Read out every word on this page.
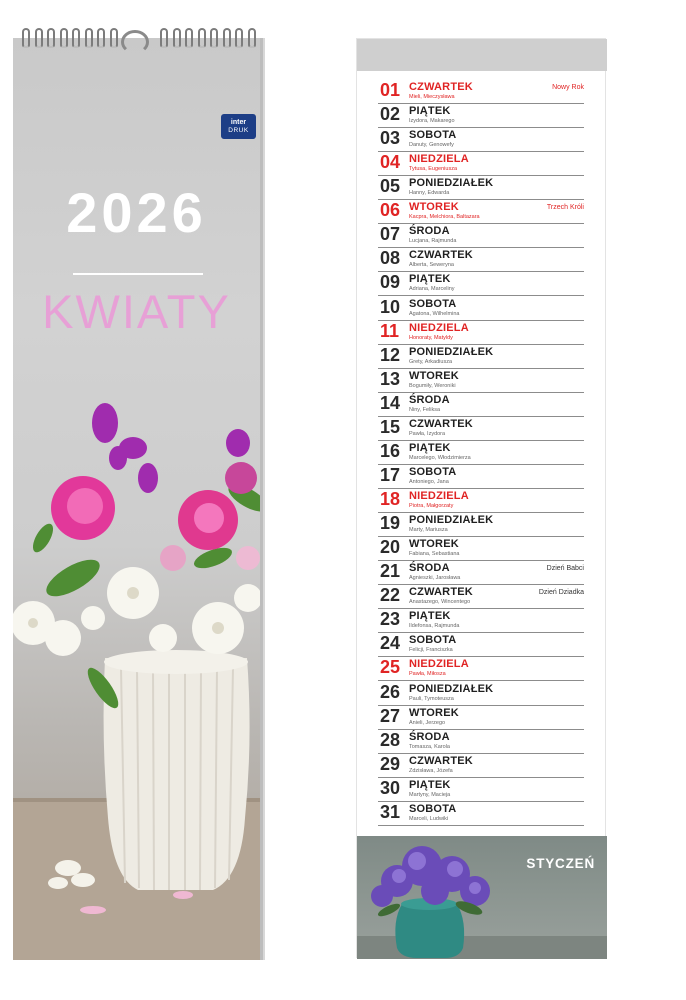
inter
DRUK
2026
KWIATY
01 CZWARTEK
Mieli, Mieczysława
Nowy Rok
02 PIĄTEK
Izydora, Makarego
03 SOBOTA
Danuty, Genowefy
04 NIEDZIELA
Tytusa, Eugeniusza
05 PONIEDZIAŁEK
Hanny, Edwarda
06 WTOREK
Kacpra, Melchiora, Baltazara
Trzech Króli
07 ŚRODA
Lucjana, Rajmunda
08 CZWARTEK
Alberta, Seweryna
09 PIĄTEK
Adriana, Marceliny
10 SOBOTA
Agatona, Wilhelmina
11 NIEDZIELA
Honoraty, Matyldy
12 PONIEDZIAŁEK
Grety, Arkadiusza
13 WTOREK
Bogumiły, Weroniki
14 ŚRODA
Niny, Feliksa
15 CZWARTEK
Pawła, Izydora
16 PIĄTEK
Marcelego, Włodzimierza
17 SOBOTA
Antoniego, Jana
18 NIEDZIELA
Piotra, Małgorzaty
19 PONIEDZIAŁEK
Marty, Mariusza
20 WTOREK
Fabiana, Sebastiana
21 ŚRODA
Agnieszki, Jarosława
Dzień Babci
22 CZWARTEK
Anastazego, Wincentego
Dzień Dziadka
23 PIĄTEK
Ildefonsa, Rajmunda
24 SOBOTA
Felicji, Franciszka
25 NIEDZIELA
Pawła, Miłosza
26 PONIEDZIAŁEK
Pauli, Tymoteusza
27 WTOREK
Anieli, Jerzego
28 ŚRODA
Tomasza, Karola
29 CZWARTEK
Zdzisława, Józefa
30 PIĄTEK
Martyny, Macieja
31 SOBOTA
Marceli, Ludwiki
STYCZEŃ
